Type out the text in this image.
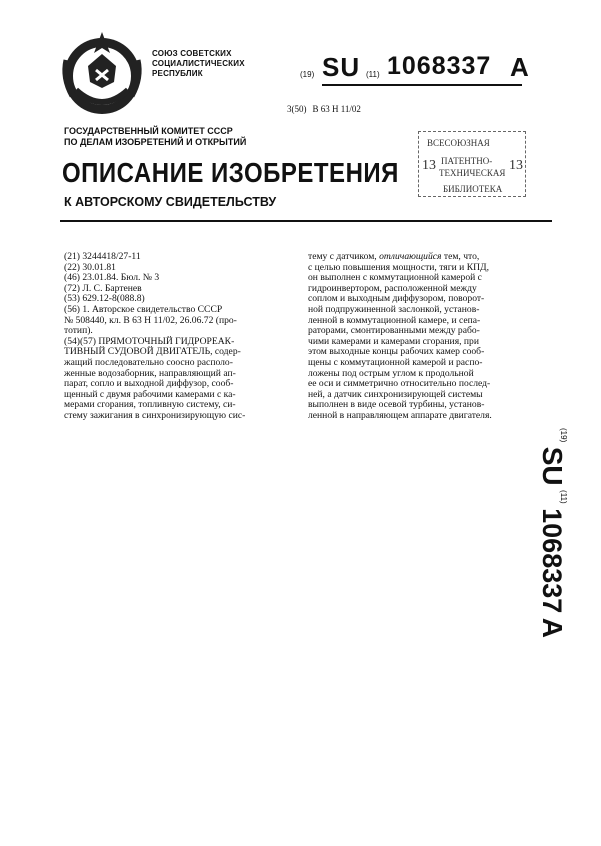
СОЮЗ СОВЕТСКИХ
СОЦИАЛИСТИЧЕСКИХ
РЕСПУБЛИК	(19) SU (11) 1068337 A
3(50) В 63 Н 11/02
ВСЕСОЮЗНАЯ
13 ПАТЕНТНО-
ТЕХНИЧЕСКАЯ 13
БИБЛИОТЕКА
ГОСУДАРСТВЕННЫЙ КОМИТЕТ СССР
ПО ДЕЛАМ ИЗОБРЕТЕНИЙ И ОТКРЫТИЙ
ОПИСАНИЕ ИЗОБРЕТЕНИЯ
К АВТОРСКОМУ СВИДЕТЕЛЬСТВУ
(21) 3244418/27-11
(22) 30.01.81
(46) 23.01.84. Бюл. № 3
(72) Л. С. Бартенев
(53) 629.12-8(088.8)
(56) 1. Авторское свидетельство СССР
№ 508440, кл. В 63 Н 11/02, 26.06.72 (про-
тотип).
(54)(57) ПРЯМОТОЧНЫЙ ГИДРОРЕАК-
ТИВНЫЙ СУДОВОЙ ДВИГАТЕЛЬ, содер-
жащий последовательно соосно располо-
женные водозаборник, направляющий ап-
парат, сопло и выходной диффузор, сооб-
щенный с двумя рабочими камерами с ка-
мерами сгорания, топливную систему, си-
стему зажигания в синхронизирующую сис-
тему с датчиком, отличающийся тем, что,
с целью повышения мощности, тяги и КПД,
он выполнен с коммутационной камерой с
гидроинвертором, расположенной между
соплом и выходным диффузором, поворот-
ной подпружиненной заслонкой, установ-
ленной в коммутационной камере, и сепа-
раторами, смонтированными между рабо-
чими камерами и камерами сгорания, при
этом выходные концы рабочих камер сооб-
щены с коммутационной камерой и распо-
ложены под острым углом к продольной
ее оси и симметрично относительно послед-
ней, а датчик синхронизирующей системы
выполнен в виде осевой турбины, установ-
ленной в направляющем аппарате двигателя.
$^{(19)}$ SU $^{(11)}$ 1068337 A
